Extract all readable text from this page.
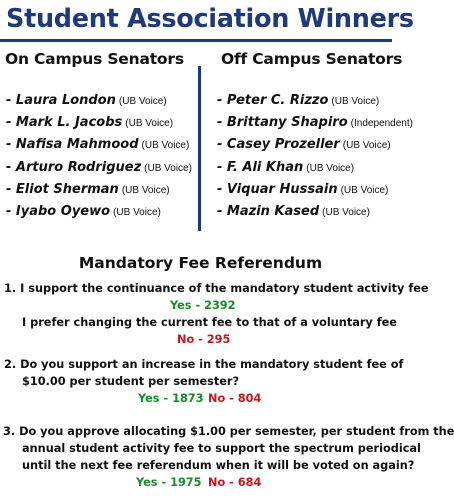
Student Association Winners
On Campus Senators Off Campus Senators
- Laura London (UB Voice)
- Mark L. Jacobs (UB Voice)
- Nafisa Mahmood (UB Voice)
- Arturo Rodriguez (UB Voice)
- Eliot Sherman (UB Voice)
- Iyabo Oyewo (UB Voice)
- Peter C. Rizzo (UB Voice)
- Brittany Shapiro (Independent)
- Casey Prozeller (UB Voice)
- F. Ali Khan (UB Voice)
- Viquar Hussain (UB Voice)
- Mazin Kased (UB Voice)
Mandatory Fee Referendum
1. I support the continuance of the mandatory student activity fee
Yes - 2392
I prefer changing the current fee to that of a voluntary fee
No - 295
2. Do you support an increase in the mandatory student fee of
$10.00 per student per semester?
Yes - 1873 No - 804
3. Do you approve allocating $1.00 per semester, per student from the
annual student activity fee to support the spectrum periodical
until the next fee referendum when it will be voted on again?
Yes - 1975 No - 684
